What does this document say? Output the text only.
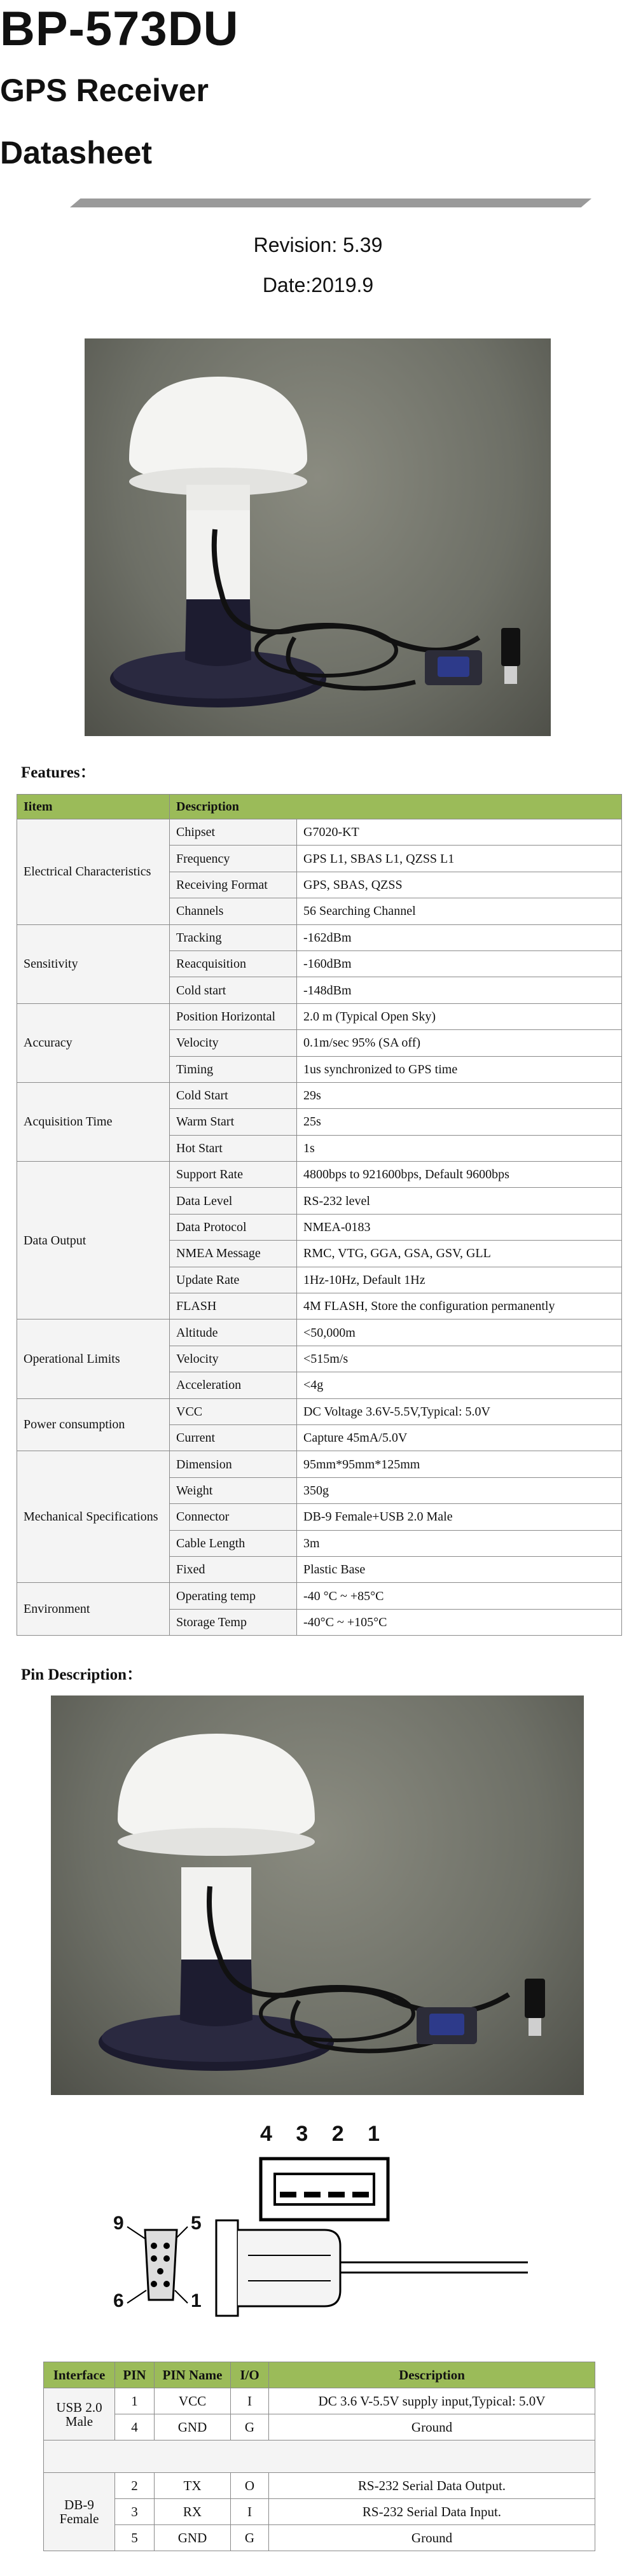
BP-573DU
GPS Receiver
Datasheet
Revision: 5.39
Date:2019.9
Features：
Iitem	Description	
Electrical Characteristics	Chipset	G7020-KT
	Frequency	GPS L1, SBAS L1, QZSS L1
	Receiving Format	GPS, SBAS, QZSS
	Channels	56 Searching Channel
Sensitivity	Tracking	-162dBm
	Reacquisition	-160dBm
	Cold start	-148dBm
Accuracy	Position Horizontal	2.0 m (Typical Open Sky)
	Velocity	0.1m/sec 95% (SA off)
	Timing	1us synchronized to GPS time
Acquisition Time	Cold Start	29s
	Warm Start	25s
	Hot Start	1s
Data Output	Support Rate	4800bps to 921600bps, Default 9600bps
	Data Level	RS-232 level
	Data Protocol	NMEA-0183
	NMEA Message	RMC, VTG, GGA, GSA, GSV, GLL
	Update Rate	1Hz-10Hz, Default 1Hz
	FLASH	4M FLASH, Store the configuration permanently
Operational Limits	Altitude	<50,000m
	Velocity	<515m/s
	Acceleration	<4g
Power consumption	VCC	DC Voltage 3.6V-5.5V,Typical: 5.0V
	Current	Capture 45mA/5.0V
Mechanical Specifications	Dimension	95mm*95mm*125mm
	Weight	350g
	Connector	DB-9 Female+USB 2.0 Male
	Cable Length	3m
	Fixed	Plastic Base
Environment	Operating temp	-40 °C ~ +85°C
	Storage Temp	-40°C ~ +105°C
Pin Description：
4 3 2 1
9	5
6	1
Interface	PIN	PIN Name	I/O	Description
USB 2.0 Male	1	VCC	I	DC 3.6 V-5.5V supply input,Typical: 5.0V
	4	GND	G	Ground

DB-9 Female	2	TX	O	RS-232 Serial Data Output.
	3	RX	I	RS-232 Serial Data Input.
	5	GND	G	Ground
